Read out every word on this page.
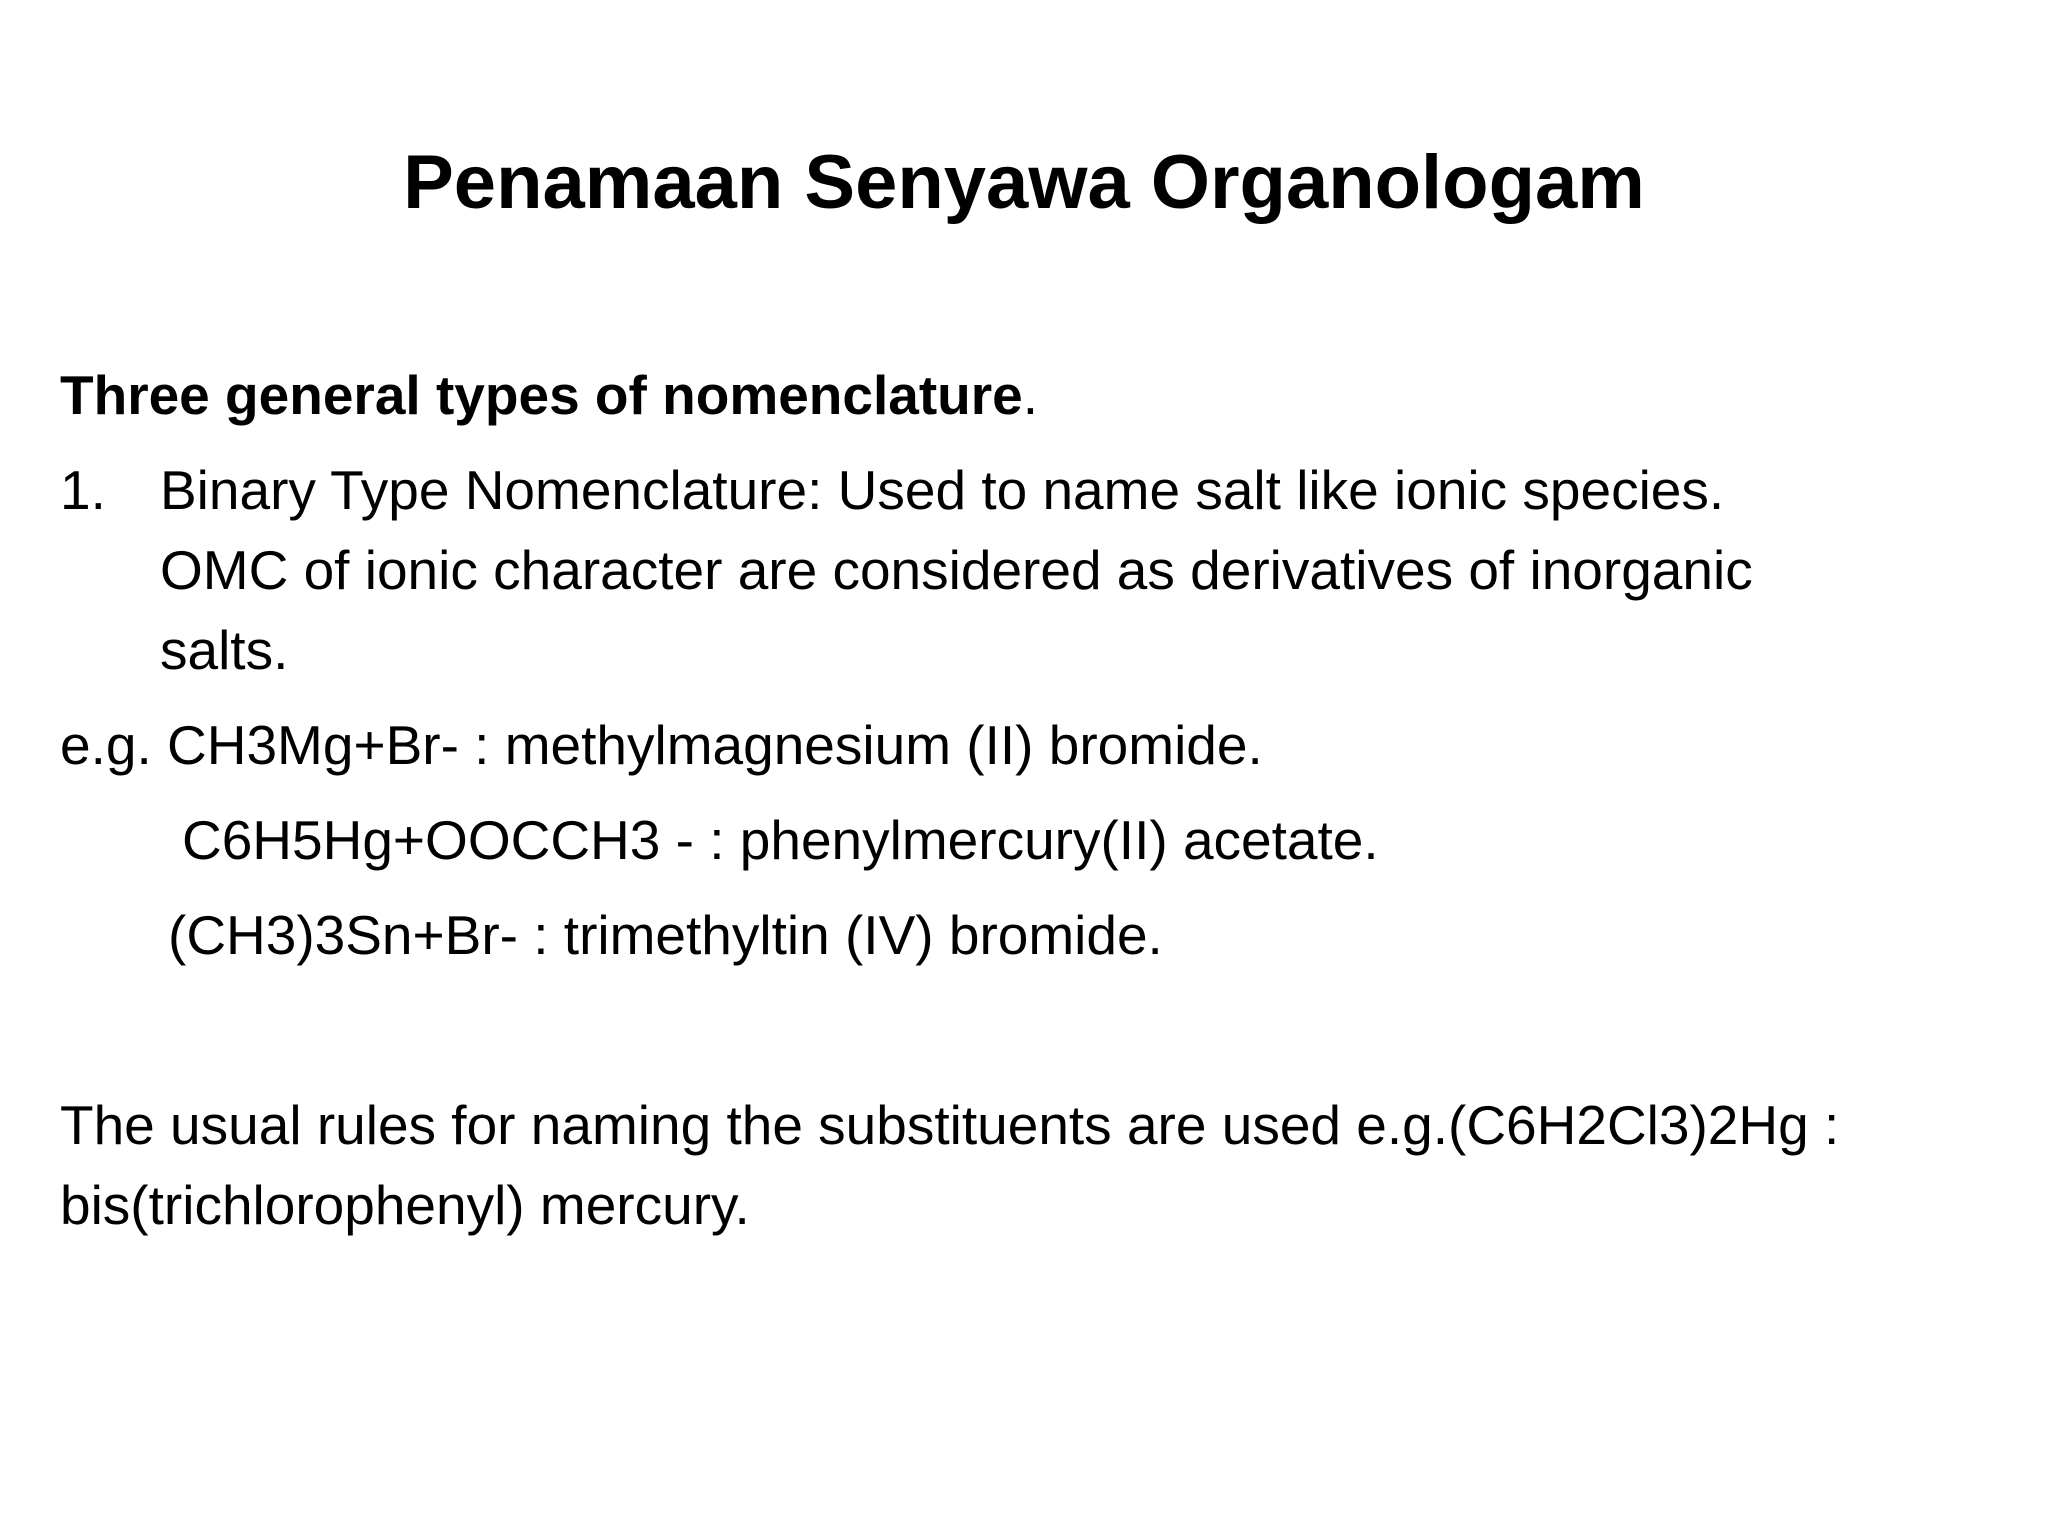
Penamaan Senyawa Organologam
Three general types of nomenclature.
1. Binary Type Nomenclature: Used to name salt like ionic species.
OMC of ionic character are considered as derivatives of inorganic
salts.
e.g. CH3Mg+Br- : methylmagnesium (II) bromide.
C6H5Hg+OOCCH3 - : phenylmercury(II) acetate.
(CH3)3Sn+Br- : trimethyltin (IV) bromide.
The usual rules for naming the substituents are used e.g.(C6H2Cl3)2Hg :
bis(trichlorophenyl) mercury.
